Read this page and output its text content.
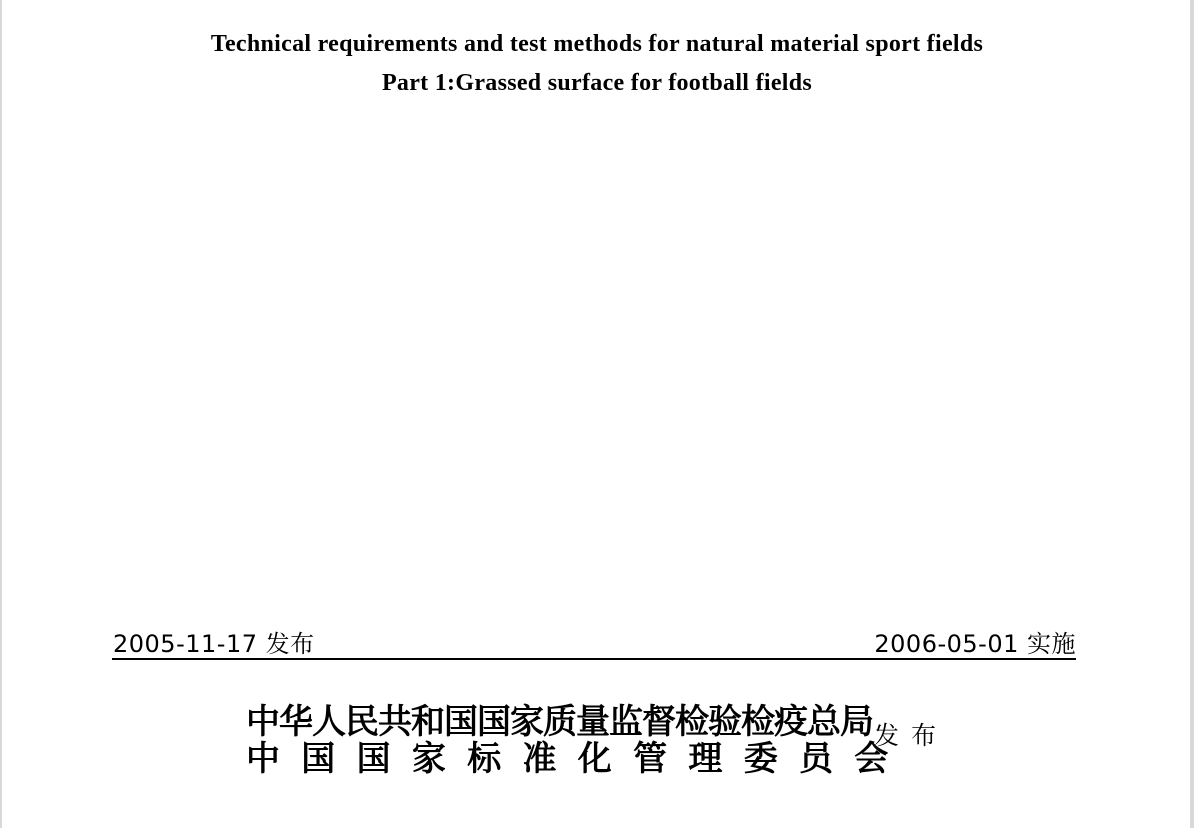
Technical requirements and test methods for natural material sport fields
Part 1:Grassed surface for football fields
2005-11-17 发布	2006-05-01 实施
中华人民共和国国家质量监督检验检疫总局
中国国家标准化管理委员会
发布
